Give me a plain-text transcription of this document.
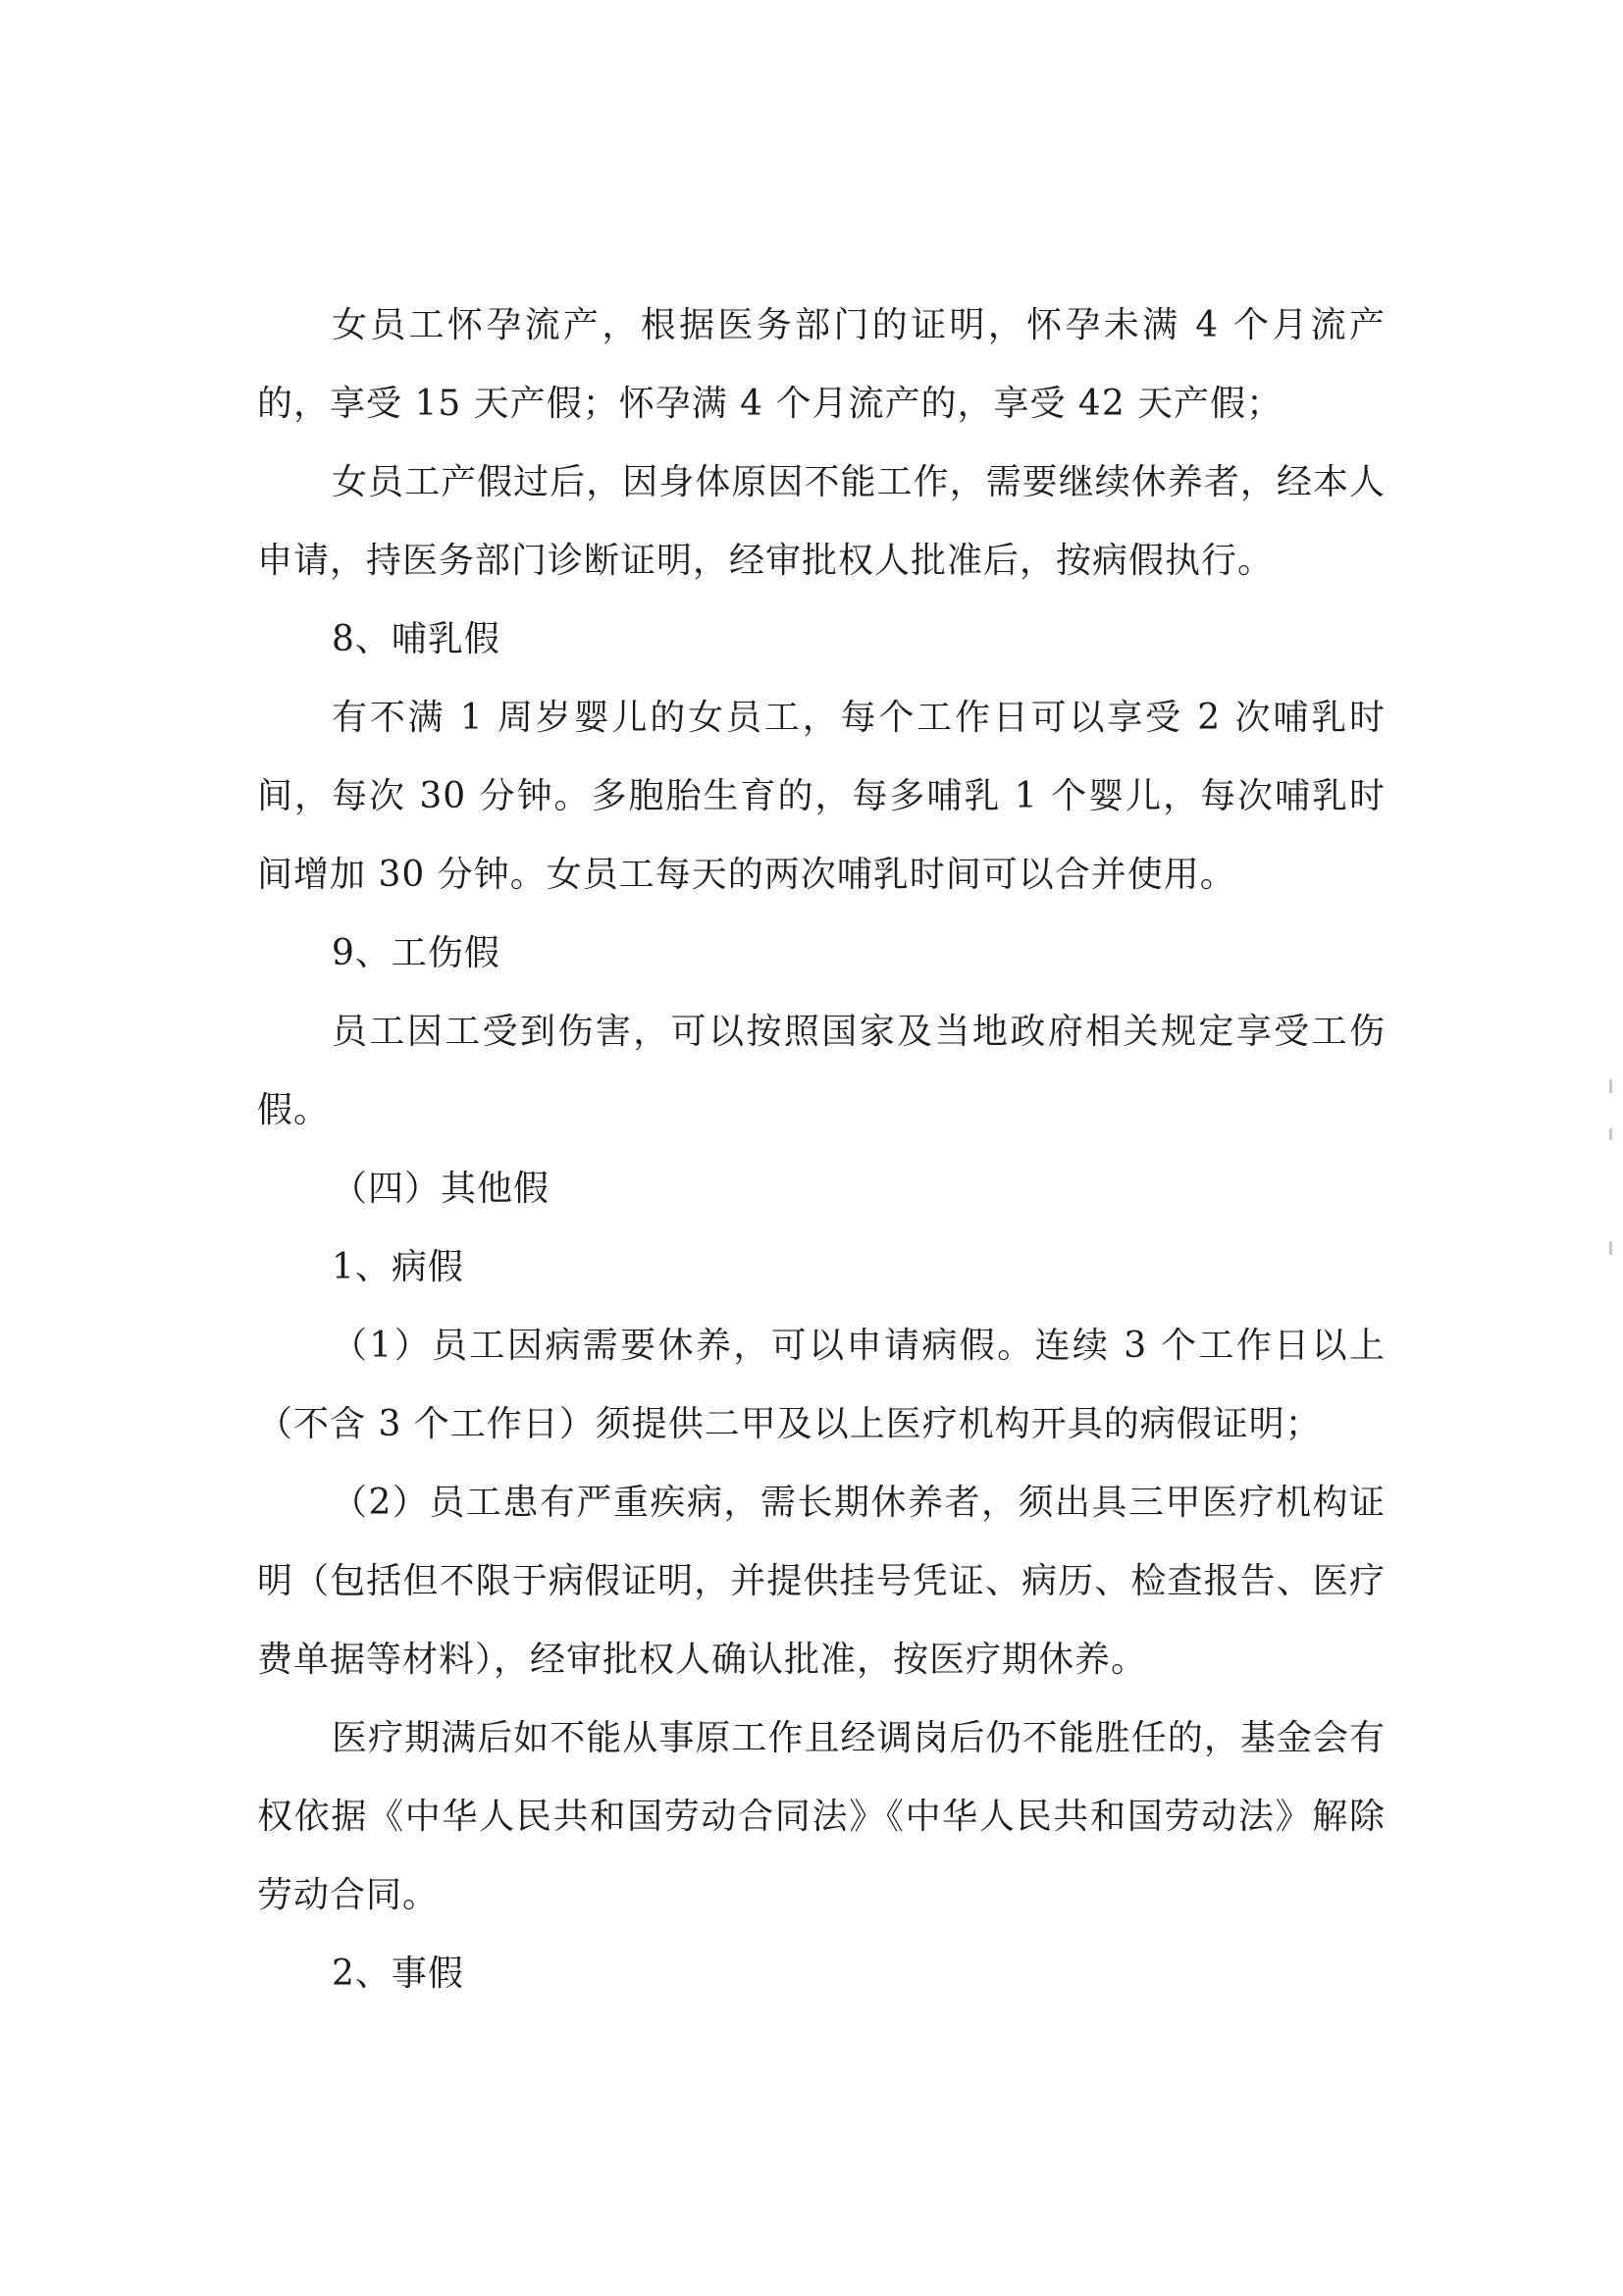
女员工怀孕流产，根据医务部门的证明，怀孕未满 4 个月流产的，享受 15 天产假；怀孕满 4 个月流产的，享受 42 天产假；

女员工产假过后，因身体原因不能工作，需要继续休养者，经本人申请，持医务部门诊断证明，经审批权人批准后，按病假执行。

8、哺乳假

有不满 1 周岁婴儿的女员工，每个工作日可以享受 2 次哺乳时间，每次 30 分钟。多胞胎生育的，每多哺乳 1 个婴儿，每次哺乳时间增加 30 分钟。女员工每天的两次哺乳时间可以合并使用。

9、工伤假

员工因工受到伤害，可以按照国家及当地政府相关规定享受工伤假。

（四）其他假

1、病假

（1）员工因病需要休养，可以申请病假。连续 3 个工作日以上（不含 3 个工作日）须提供二甲及以上医疗机构开具的病假证明；

（2）员工患有严重疾病，需长期休养者，须出具三甲医疗机构证明（包括但不限于病假证明，并提供挂号凭证、病历、检查报告、医疗费单据等材料），经审批权人确认批准，按医疗期休养。

医疗期满后如不能从事原工作且经调岗后仍不能胜任的，基金会有权依据《中华人民共和国劳动合同法》《中华人民共和国劳动法》解除劳动合同。

2、事假
